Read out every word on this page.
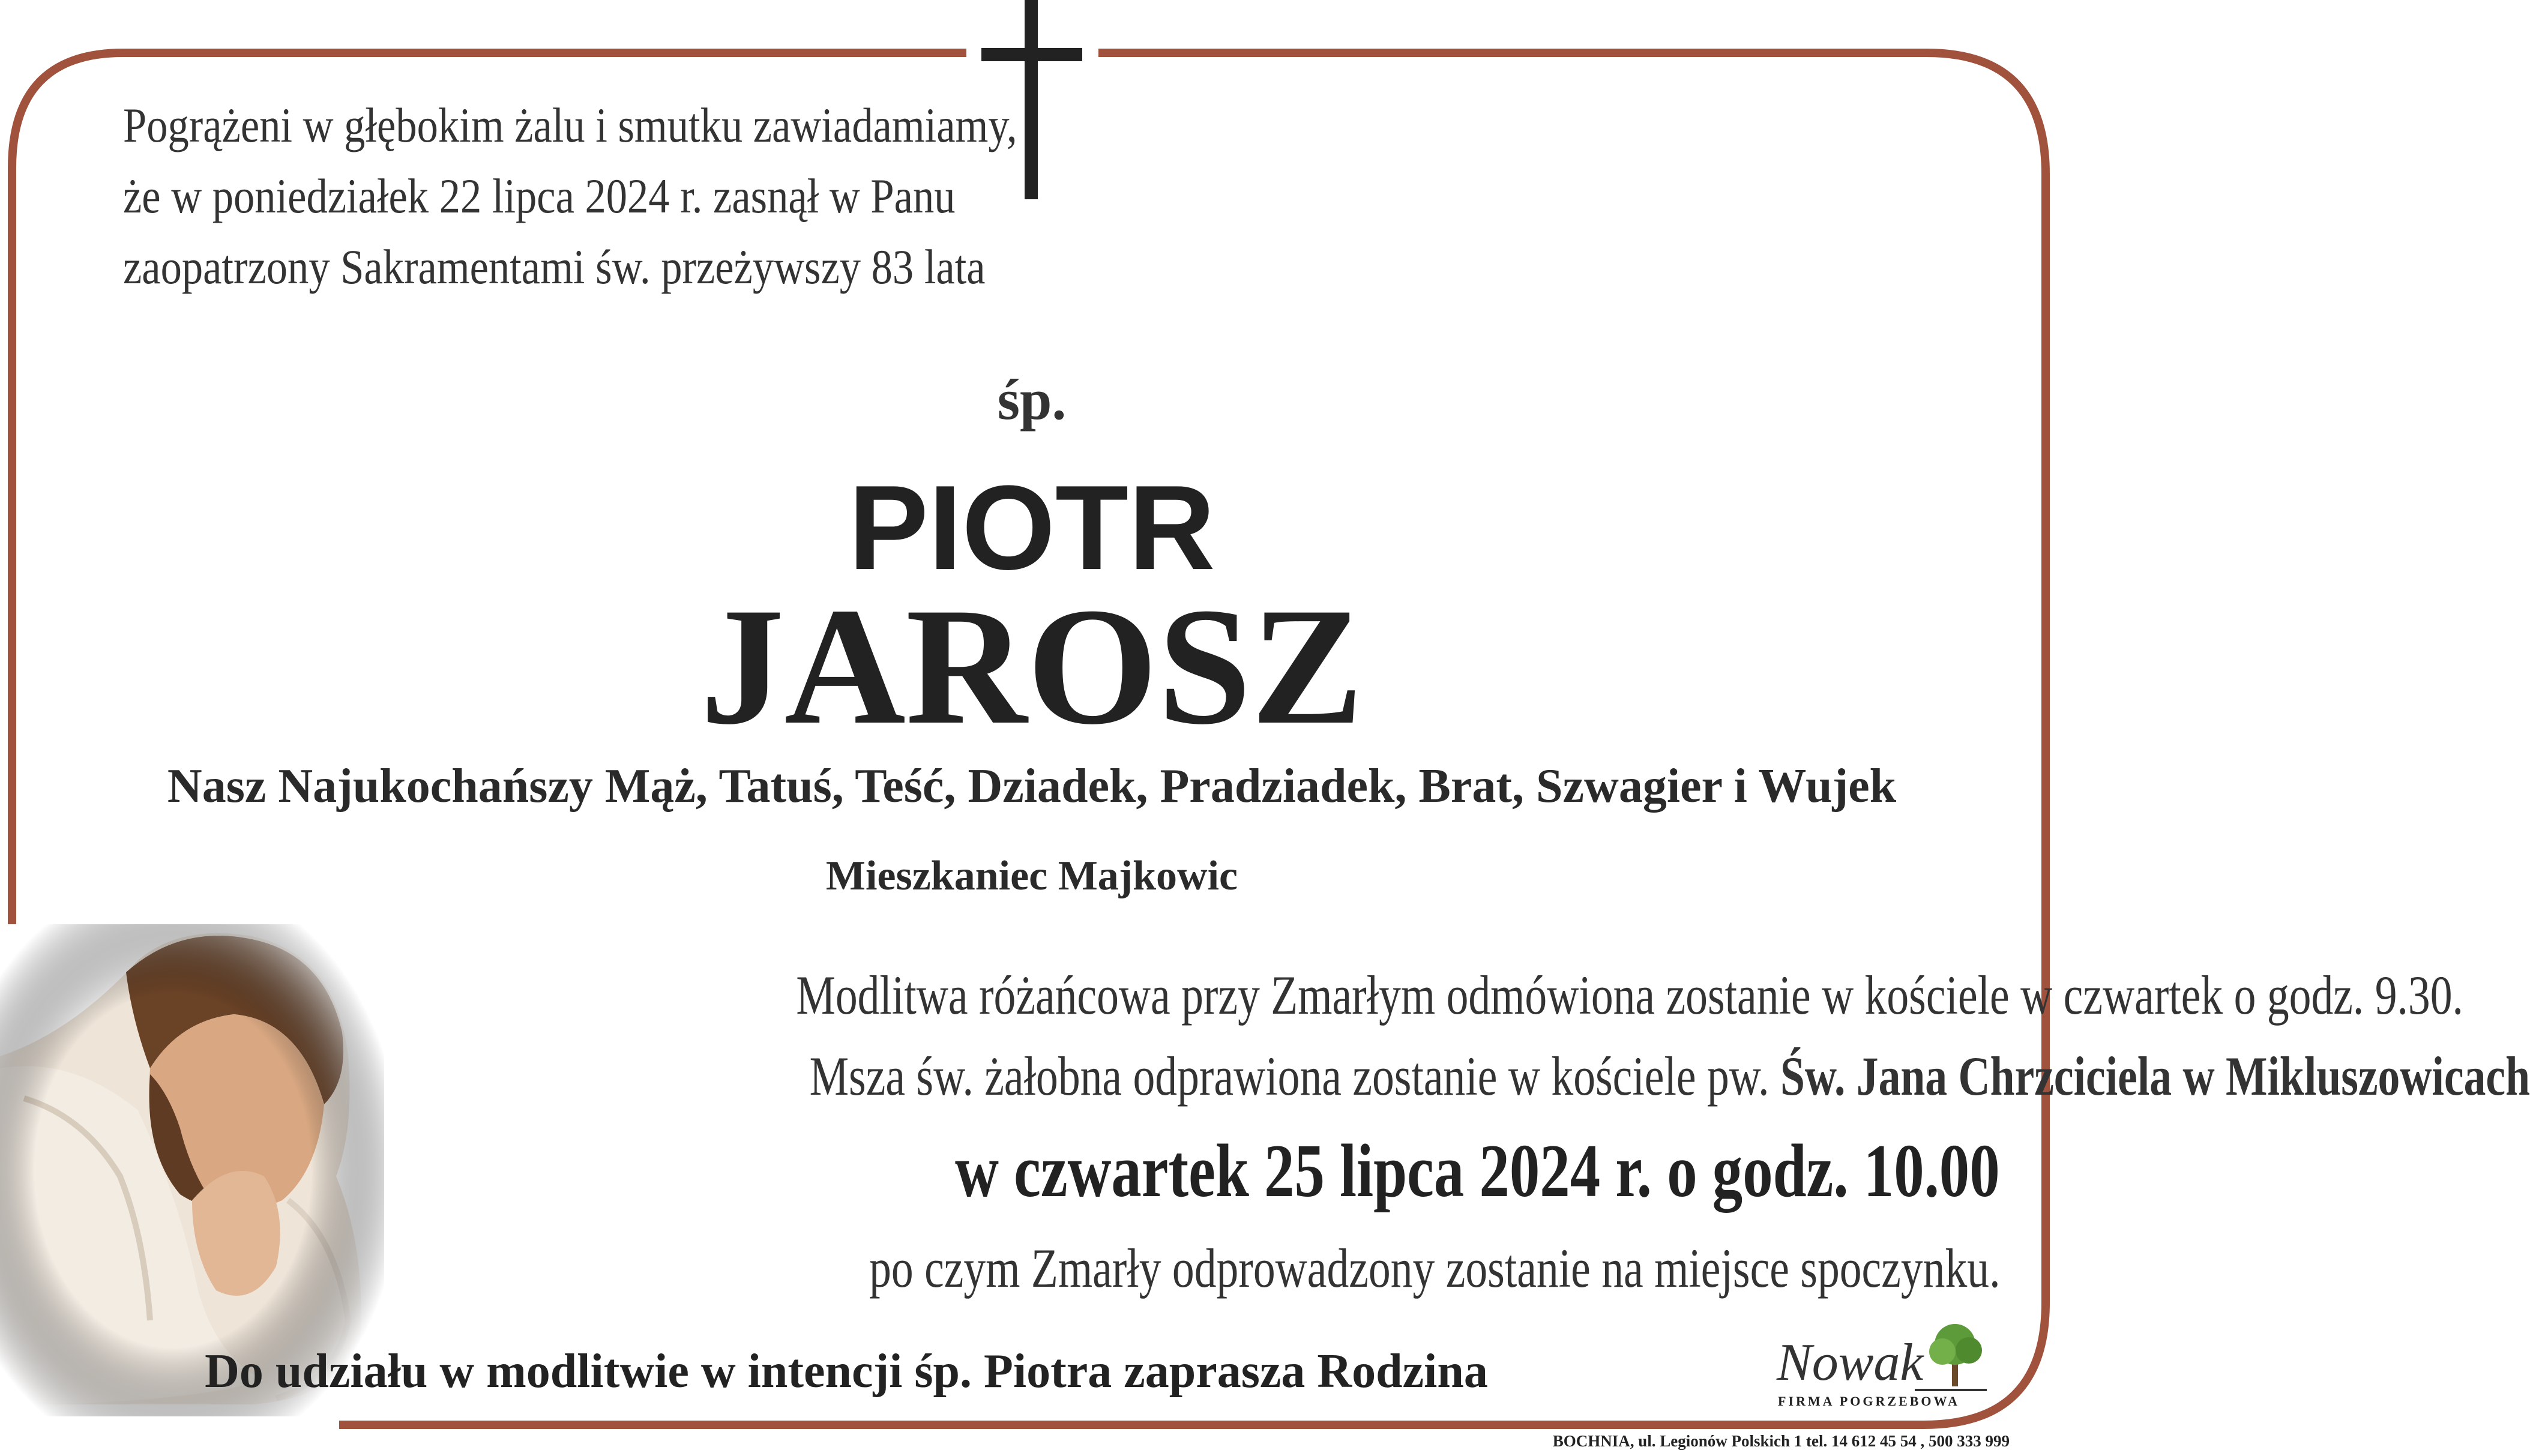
Pogrążeni w głębokim żalu i smutku zawiadamiamy,
że w poniedziałek 22 lipca 2024 r. zasnął w Panu
zaopatrzony Sakramentami św. przeżywszy 83 lata
śp.
PIOTR
JAROSZ
Nasz Najukochańszy Mąż, Tatuś, Teść, Dziadek, Pradziadek, Brat, Szwagier i Wujek
Mieszkaniec Majkowic
Modlitwa różańcowa przy Zmarłym odmówiona zostanie w kościele w czwartek o godz. 9.30.
Msza św. żałobna odprawiona zostanie w kościele pw. Św. Jana Chrzciciela w Mikluszowicach
w czwartek 25 lipca 2024 r. o godz. 10.00
po czym Zmarły odprowadzony zostanie na miejsce spoczynku.
Do udziału w modlitwie w intencji śp. Piotra zaprasza Rodzina	Nowak
FIRMA POGRZEBOWA
BOCHNIA, ul. Legionów Polskich 1 tel. 14 612 45 54 , 500 333 999
